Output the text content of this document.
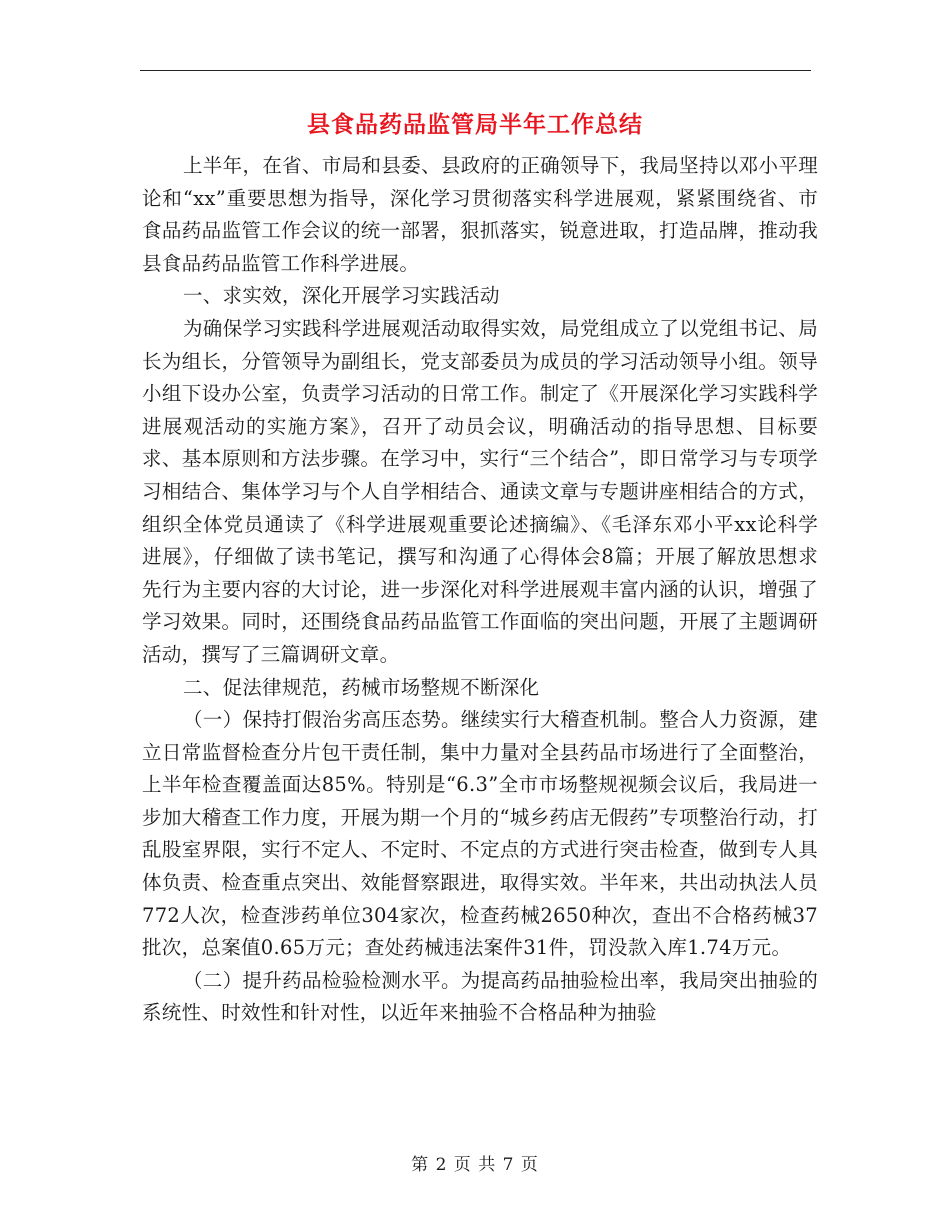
县食品药品监管局半年工作总结

上半年，在省、市局和县委、县政府的正确领导下，我局坚持以邓小平理论和“xx”重要思想为指导，深化学习贯彻落实科学进展观，紧紧围绕省、市食品药品监管工作会议的统一部署，狠抓落实，锐意进取，打造品牌，推动我县食品药品监管工作科学进展。

一、求实效，深化开展学习实践活动

为确保学习实践科学进展观活动取得实效，局党组成立了以党组书记、局长为组长，分管领导为副组长，党支部委员为成员的学习活动领导小组。领导小组下设办公室，负责学习活动的日常工作。制定了《开展深化学习实践科学进展观活动的实施方案》，召开了动员会议，明确活动的指导思想、目标要求、基本原则和方法步骤。在学习中，实行“三个结合”，即日常学习与专项学习相结合、集体学习与个人自学相结合、通读文章与专题讲座相结合的方式，组织全体党员通读了《科学进展观重要论述摘编》、《毛泽东邓小平xx论科学进展》，仔细做了读书笔记，撰写和沟通了心得体会8篇；开展了解放思想求先行为主要内容的大讨论，进一步深化对科学进展观丰富内涵的认识，增强了学习效果。同时，还围绕食品药品监管工作面临的突出问题，开展了主题调研活动，撰写了三篇调研文章。

二、促法律规范，药械市场整规不断深化

（一）保持打假治劣高压态势。继续实行大稽查机制。整合人力资源，建立日常监督检查分片包干责任制，集中力量对全县药品市场进行了全面整治，上半年检查覆盖面达85%。特别是“6.3”全市市场整规视频会议后，我局进一步加大稽查工作力度，开展为期一个月的“城乡药店无假药”专项整治行动，打乱股室界限，实行不定人、不定时、不定点的方式进行突击检查，做到专人具体负责、检查重点突出、效能督察跟进，取得实效。半年来，共出动执法人员772人次，检查涉药单位304家次，检查药械2650种次，查出不合格药械37批次，总案值0.65万元；查处药械违法案件31件，罚没款入库1.74万元。

（二）提升药品检验检测水平。为提高药品抽验检出率，我局突出抽验的系统性、时效性和针对性，以近年来抽验不合格品种为抽验

第 2 页 共 7 页
